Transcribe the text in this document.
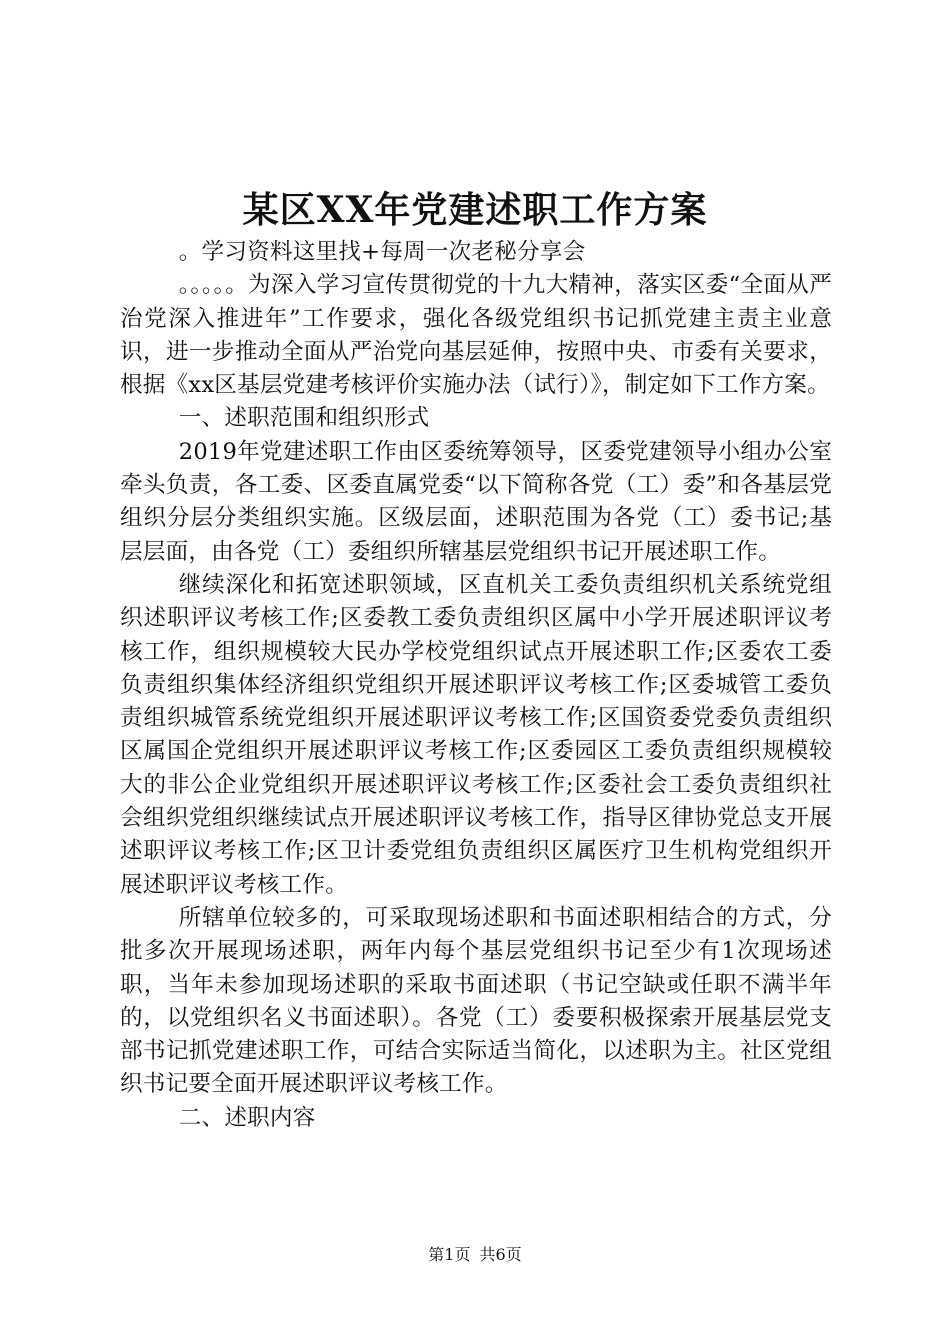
某区XX年党建述职工作方案

。学习资料这里找+每周一次老秘分享会

。。。。。为深入学习宣传贯彻党的十九大精神，落实区委“全面从严治党深入推进年”工作要求，强化各级党组织书记抓党建主责主业意识，进一步推动全面从严治党向基层延伸，按照中央、市委有关要求，根据《xx区基层党建考核评价实施办法（试行）》，制定如下工作方案。

一、述职范围和组织形式

2019年党建述职工作由区委统筹领导，区委党建领导小组办公室牵头负责，各工委、区委直属党委“以下简称各党（工）委”和各基层党组织分层分类组织实施。区级层面，述职范围为各党（工）委书记;基层层面，由各党（工）委组织所辖基层党组织书记开展述职工作。

继续深化和拓宽述职领域，区直机关工委负责组织机关系统党组织述职评议考核工作;区委教工委负责组织区属中小学开展述职评议考核工作，组织规模较大民办学校党组织试点开展述职工作;区委农工委负责组织集体经济组织党组织开展述职评议考核工作;区委城管工委负责组织城管系统党组织开展述职评议考核工作;区国资委党委负责组织区属国企党组织开展述职评议考核工作;区委园区工委负责组织规模较大的非公企业党组织开展述职评议考核工作;区委社会工委负责组织社会组织党组织继续试点开展述职评议考核工作，指导区律协党总支开展述职评议考核工作;区卫计委党组负责组织区属医疗卫生机构党组织开展述职评议考核工作。

所辖单位较多的，可采取现场述职和书面述职相结合的方式，分批多次开展现场述职，两年内每个基层党组织书记至少有1次现场述职，当年未参加现场述职的采取书面述职（书记空缺或任职不满半年的，以党组织名义书面述职）。各党（工）委要积极探索开展基层党支部书记抓党建述职工作，可结合实际适当简化，以述职为主。社区党组织书记要全面开展述职评议考核工作。

二、述职内容

第1页 共6页
